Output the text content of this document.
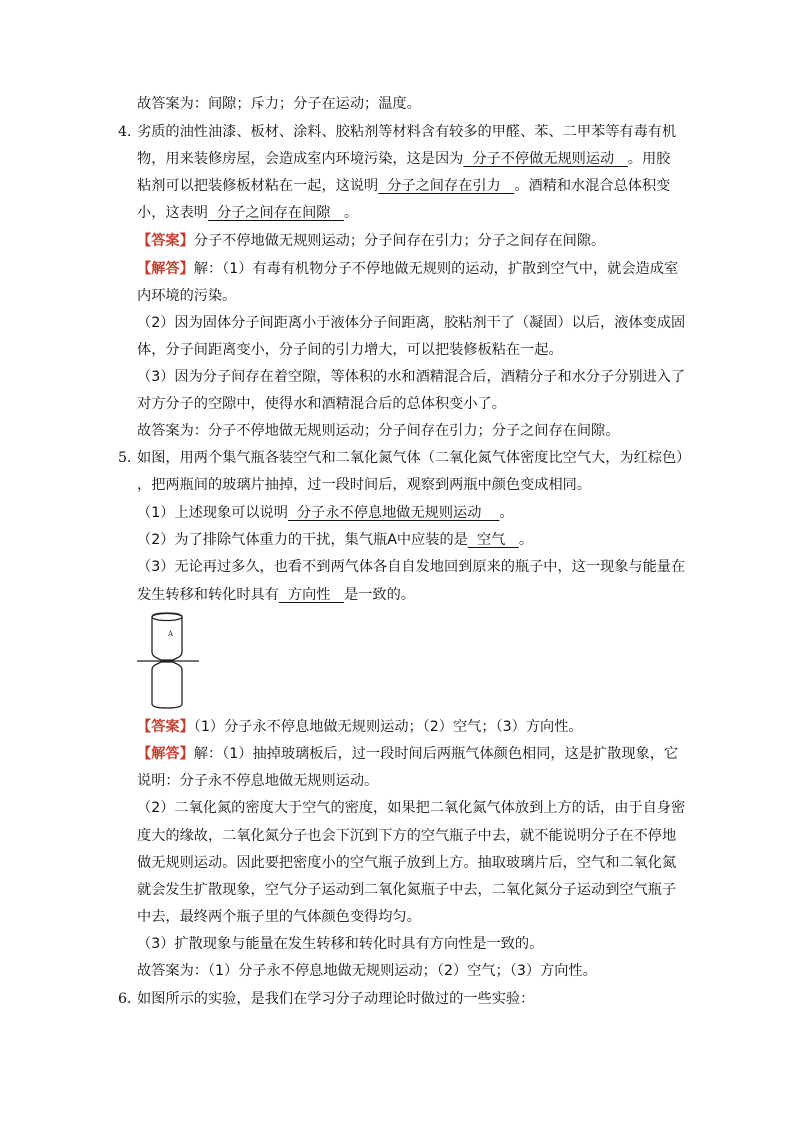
故答案为：间隙；斥力；分子在运动；温度。
4．
劣质的油性油漆、板材、涂料、胶粘剂等材料含有较多的甲醛、苯、二甲苯等有毒有机
物，用来装修房屋，会造成室内环境污染，这是因为 分子不停做无规则运动 。用胶
粘剂可以把装修板材粘在一起，这说明 分子之间存在引力 。酒精和水混合总体积变
小，这表明 分子之间存在间隙 。
【答案】分子不停地做无规则运动；分子间存在引力；分子之间存在间隙。
【解答】解：（1）有毒有机物分子不停地做无规则的运动，扩散到空气中，就会造成室
内环境的污染。
（2）因为固体分子间距离小于液体分子间距离，胶粘剂干了（凝固）以后，液体变成固
体，分子间距离变小，分子间的引力增大，可以把装修板粘在一起。
（3）因为分子间存在着空隙，等体积的水和酒精混合后，酒精分子和水分子分别进入了
对方分子的空隙中，使得水和酒精混合后的总体积变小了。
故答案为：分子不停地做无规则运动；分子间存在引力；分子之间存在间隙。
5．
如图，用两个集气瓶各装空气和二氧化氮气体（二氧化氮气体密度比空气大，为红棕色）
，把两瓶间的玻璃片抽掉，过一段时间后，观察到两瓶中颜色变成相同。
（1）上述现象可以说明 分子永不停息地做无规则运动 。
（2）为了排除气体重力的干扰，集气瓶A中应装的是 空气 。
（3）无论再过多久，也看不到两气体各自自发地回到原来的瓶子中，这一现象与能量在
发生转移和转化时具有 方向性 是一致的。
A
【答案】（1）分子永不停息地做无规则运动；（2）空气；（3）方向性。
【解答】解：（1）抽掉玻璃板后，过一段时间后两瓶气体颜色相同，这是扩散现象，它
说明：分子永不停息地做无规则运动。
（2）二氧化氮的密度大于空气的密度，如果把二氧化氮气体放到上方的话，由于自身密
度大的缘故，二氧化氮分子也会下沉到下方的空气瓶子中去，就不能说明分子在不停地
做无规则运动。因此要把密度小的空气瓶子放到上方。抽取玻璃片后，空气和二氧化氮
就会发生扩散现象，空气分子运动到二氧化氮瓶子中去，二氧化氮分子运动到空气瓶子
中去，最终两个瓶子里的气体颜色变得均匀。
（3）扩散现象与能量在发生转移和转化时具有方向性是一致的。
故答案为：（1）分子永不停息地做无规则运动；（2）空气；（3）方向性。
6．
如图所示的实验，是我们在学习分子动理论时做过的一些实验：
